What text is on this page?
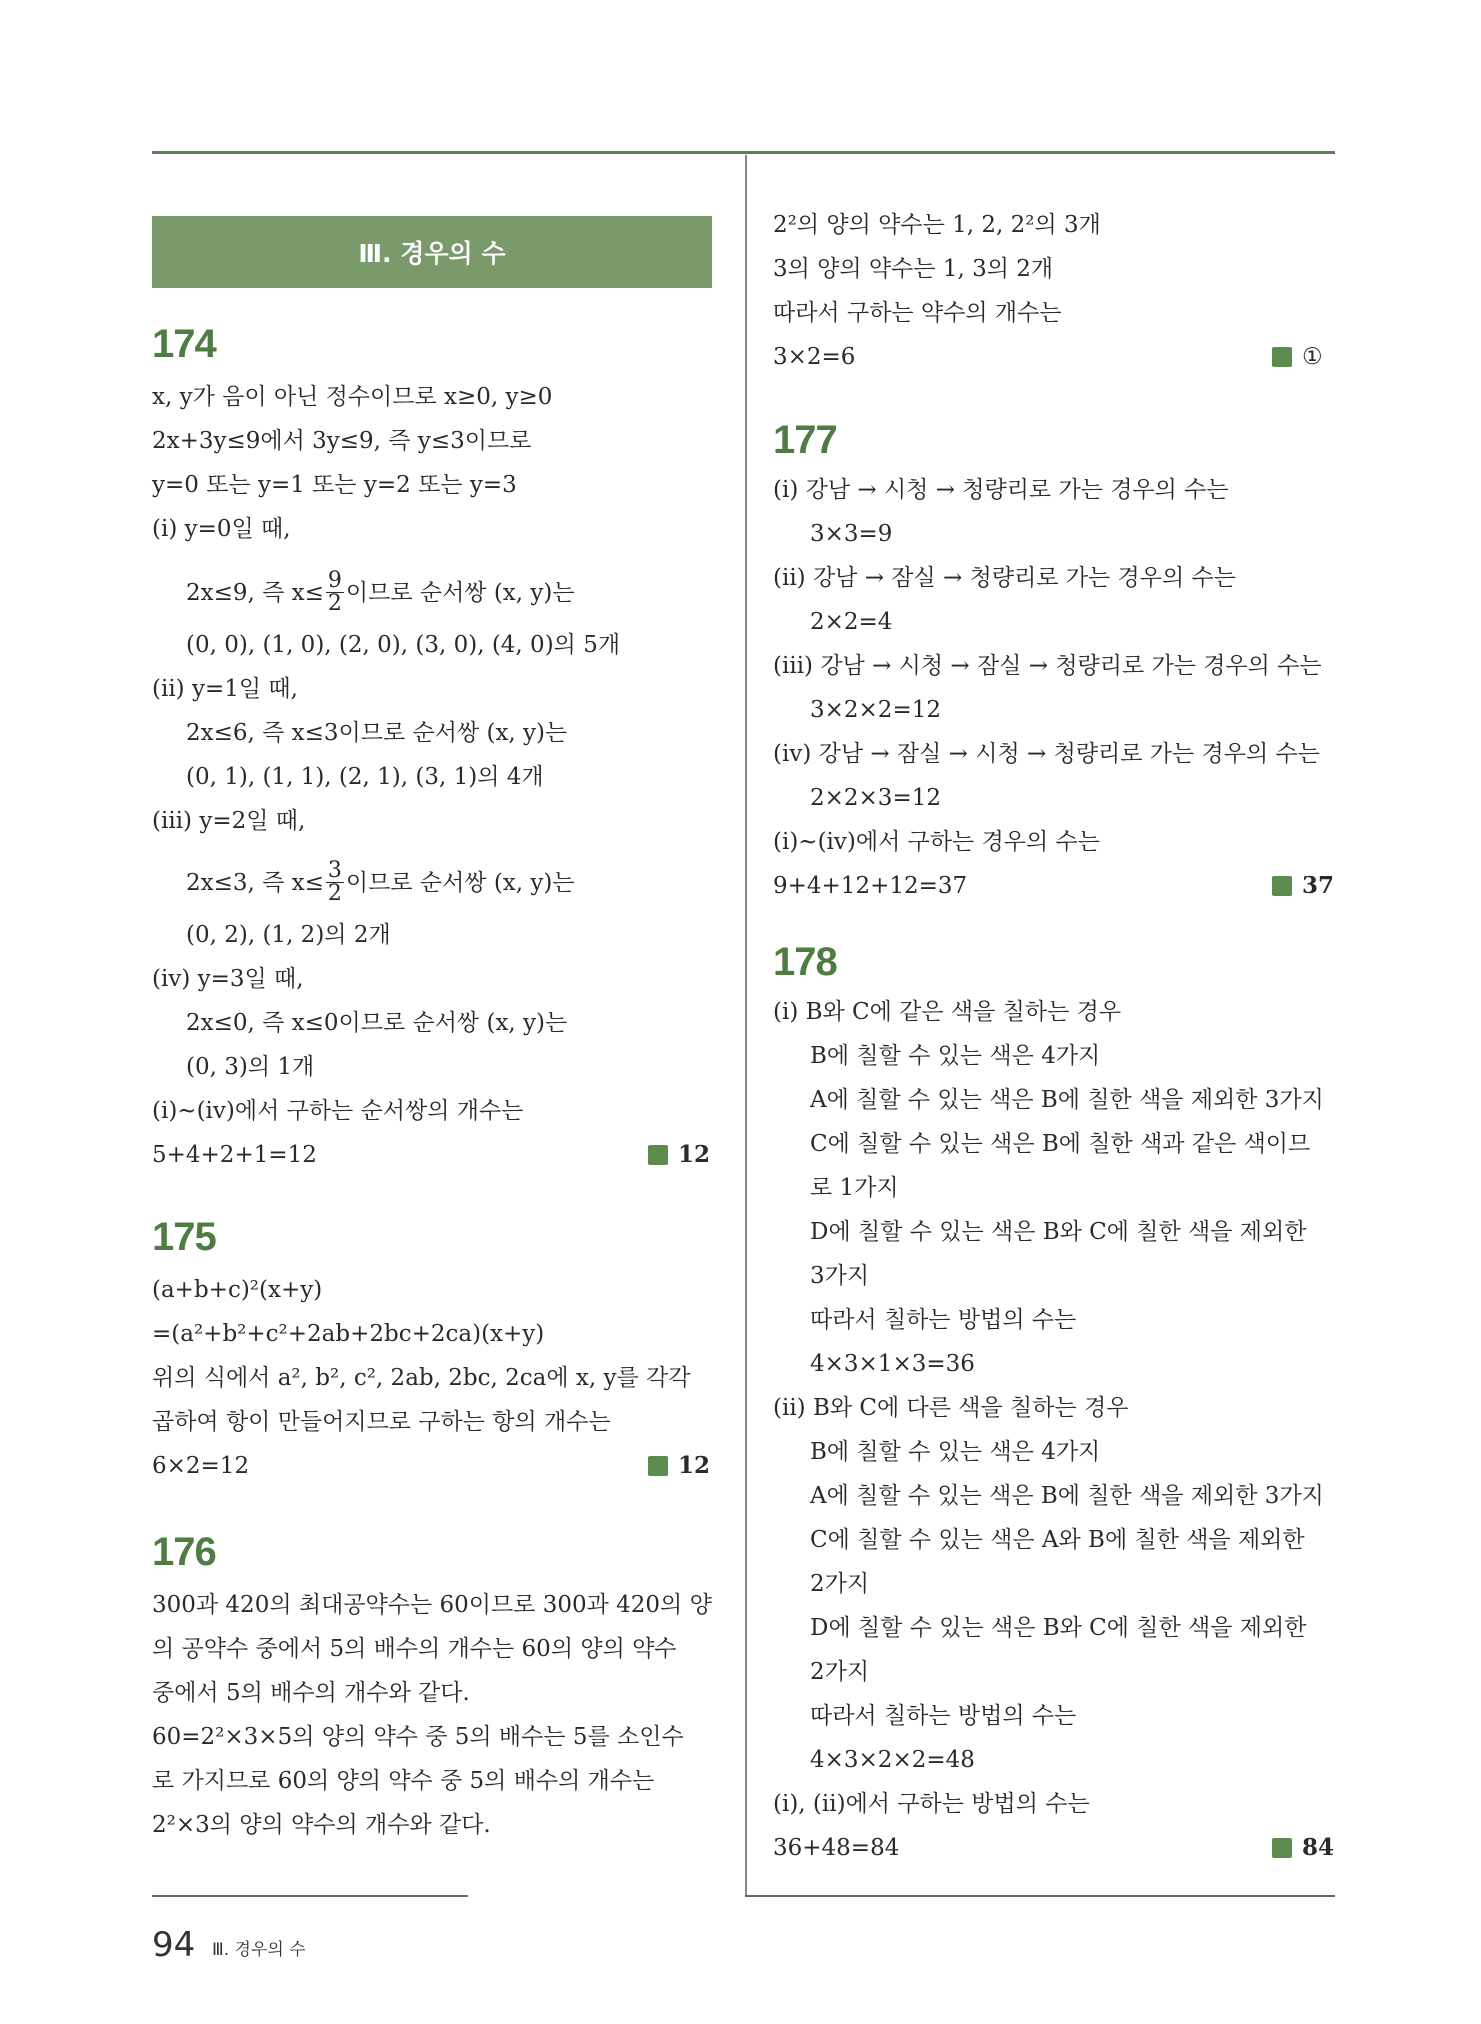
Ⅲ. 경우의 수
174
x, y가 음이 아닌 정수이므로 x≥0, y≥0
2x+3y≤9에서 3y≤9, 즉 y≤3이므로
y=0 또는 y=1 또는 y=2 또는 y=3
(ⅰ) y=0일 때,
2x≤9, 즉 $x\le \frac{9}{2}$ 이므로 순서쌍 (x, y)는
(0, 0), (1, 0), (2, 0), (3, 0), (4, 0)의 5개
(ⅱ) y=1일 때,
2x≤6, 즉 x≤3이므로 순서쌍 (x, y)는
(0, 1), (1, 1), (2, 1), (3, 1)의 4개
(ⅲ) y=2일 때,
2x≤3, 즉 $x\le \frac{3}{2}$ 이므로 순서쌍 (x, y)는
(0, 2), (1, 2)의 2개
(ⅳ) y=3일 때,
2x≤0, 즉 x≤0이므로 순서쌍 (x, y)는
(0, 3)의 1개
(ⅰ)~(ⅳ)에서 구하는 순서쌍의 개수는
5+4+2+1=12	12
175
(a+b+c)²(x+y)
=(a²+b²+c²+2ab+2bc+2ca)(x+y)
위의 식에서 a², b², c², 2ab, 2bc, 2ca에 x, y를 각각
곱하여 항이 만들어지므로 구하는 항의 개수는
6×2=12	12
176
300과 420의 최대공약수는 60이므로 300과 420의 양
의 공약수 중에서 5의 배수의 개수는 60의 양의 약수
중에서 5의 배수의 개수와 같다.
60=2²×3×5의 양의 약수 중 5의 배수는 5를 소인수
로 가지므로 60의 양의 약수 중 5의 배수의 개수는
2²×3의 양의 약수의 개수와 같다.
2²의 양의 약수는 1, 2, 2²의 3개
3의 양의 약수는 1, 3의 2개
따라서 구하는 약수의 개수는
3×2=6	①
177
(ⅰ) 강남 → 시청 → 청량리로 가는 경우의 수는
3×3=9
(ⅱ) 강남 → 잠실 → 청량리로 가는 경우의 수는
2×2=4
(ⅲ) 강남 → 시청 → 잠실 → 청량리로 가는 경우의 수는
3×2×2=12
(ⅳ) 강남 → 잠실 → 시청 → 청량리로 가는 경우의 수는
2×2×3=12
(ⅰ)~(ⅳ)에서 구하는 경우의 수는
9+4+12+12=37	37
178
(ⅰ) B와 C에 같은 색을 칠하는 경우
B에 칠할 수 있는 색은 4가지
A에 칠할 수 있는 색은 B에 칠한 색을 제외한 3가지
C에 칠할 수 있는 색은 B에 칠한 색과 같은 색이므
로 1가지
D에 칠할 수 있는 색은 B와 C에 칠한 색을 제외한
3가지
따라서 칠하는 방법의 수는
4×3×1×3=36
(ⅱ) B와 C에 다른 색을 칠하는 경우
B에 칠할 수 있는 색은 4가지
A에 칠할 수 있는 색은 B에 칠한 색을 제외한 3가지
C에 칠할 수 있는 색은 A와 B에 칠한 색을 제외한
2가지
D에 칠할 수 있는 색은 B와 C에 칠한 색을 제외한
2가지
따라서 칠하는 방법의 수는
4×3×2×2=48
(ⅰ), (ⅱ)에서 구하는 방법의 수는
36+48=84	84
94 Ⅲ. 경우의 수
